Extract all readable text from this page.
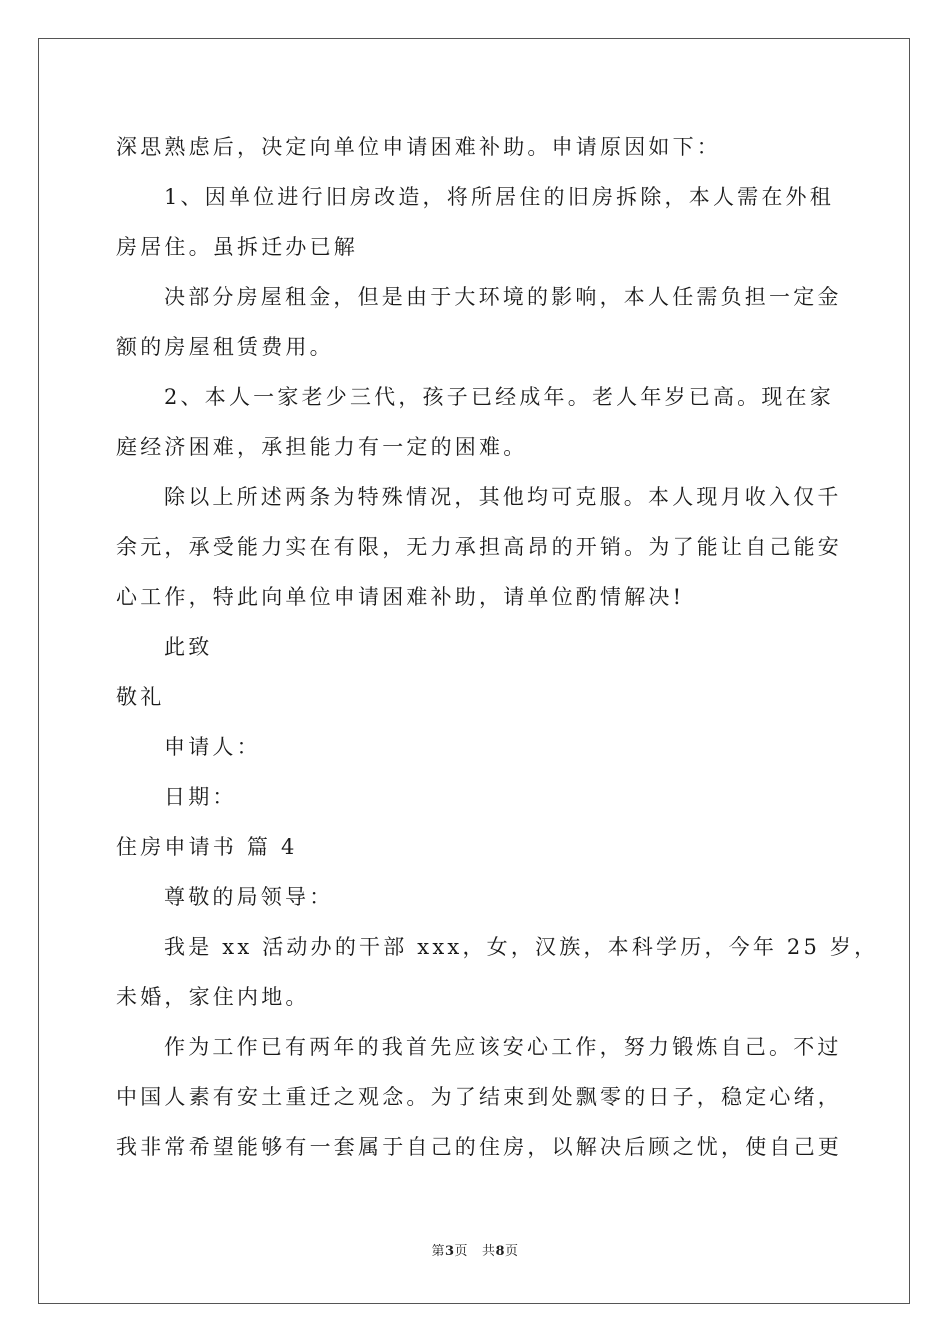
深思熟虑后，决定向单位申请困难补助。申请原因如下：
1、因单位进行旧房改造，将所居住的旧房拆除，本人需在外租
房居住。虽拆迁办已解
决部分房屋租金，但是由于大环境的影响，本人任需负担一定金
额的房屋租赁费用。
2、本人一家老少三代，孩子已经成年。老人年岁已高。现在家
庭经济困难，承担能力有一定的困难。
除以上所述两条为特殊情况，其他均可克服。本人现月收入仅千
余元，承受能力实在有限，无力承担高昂的开销。为了能让自己能安
心工作，特此向单位申请困难补助，请单位酌情解决!
此致
敬礼
申请人：
日期：
住房申请书 篇 4
尊敬的局领导：
我是 xx 活动办的干部 xxx，女，汉族，本科学历，今年 25 岁，
未婚，家住内地。
作为工作已有两年的我首先应该安心工作，努力锻炼自己。不过
中国人素有安土重迁之观念。为了结束到处飘零的日子，稳定心绪，
我非常希望能够有一套属于自己的住房，以解决后顾之忧，使自己更
第3页 共8页
